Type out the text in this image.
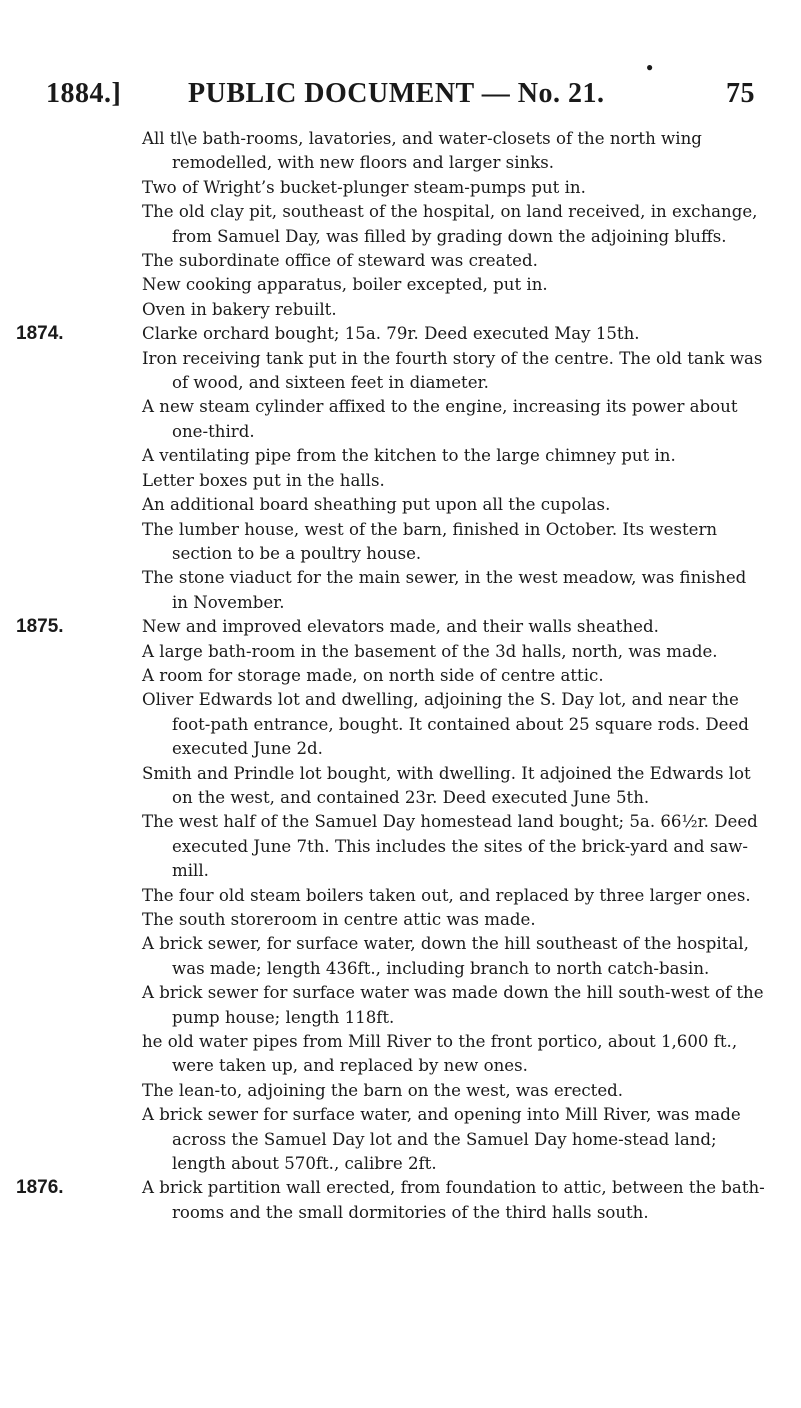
1884.] PUBLIC DOCUMENT — No. 21.
●
75

All tl\e bath-rooms, lavatories, and water-closets of the north wing remodelled, with new floors and larger sinks.

Two of Wright’s bucket-plunger steam-pumps put in.

The old clay pit, southeast of the hospital, on land received, in exchange, from Samuel Day, was filled by grading down the adjoining bluffs.

The subordinate office of steward was created.

New cooking apparatus, boiler excepted, put in.

Oven in bakery rebuilt.

1874.	Clarke orchard bought; 15a. 79r. Deed executed May 15th.

Iron receiving tank put in the fourth story of the centre. The old tank was of wood, and sixteen feet in diameter.

A new steam cylinder affixed to the engine, increasing its power about one-third.

A ventilating pipe from the kitchen to the large chimney put in.

Letter boxes put in the halls.

An additional board sheathing put upon all the cupolas.

The lumber house, west of the barn, finished in October. Its western section to be a poultry house.

The stone viaduct for the main sewer, in the west meadow, was finished in November.

1875.	New and improved elevators made, and their walls sheathed.

A large bath-room in the basement of the 3d halls, north, was made.

A room for storage made, on north side of centre attic.

Oliver Edwards lot and dwelling, adjoining the S. Day lot, and near the foot-path entrance, bought. It contained about 25 square rods. Deed executed June 2d.

Smith and Prindle lot bought, with dwelling. It adjoined the Edwards lot on the west, and contained 23r. Deed executed June 5th.

The west half of the Samuel Day homestead land bought; 5a. 66½r. Deed executed June 7th. This includes the sites of the brick-yard and saw-mill.

The four old steam boilers taken out, and replaced by three larger ones.

The south storeroom in centre attic was made.

A brick sewer, for surface water, down the hill southeast of the hospital, was made; length 436ft., including branch to north catch-basin.

A brick sewer for surface water was made down the hill south-west of the pump house; length 118ft.

he old water pipes from Mill River to the front portico, about 1,600 ft., were taken up, and replaced by new ones.

The lean-to, adjoining the barn on the west, was erected.

A brick sewer for surface water, and opening into Mill River, was made across the Samuel Day lot and the Samuel Day home-stead land; length about 570ft., calibre 2ft.

1876.	A brick partition wall erected, from foundation to attic, between the bath-rooms and the small dormitories of the third halls south.
